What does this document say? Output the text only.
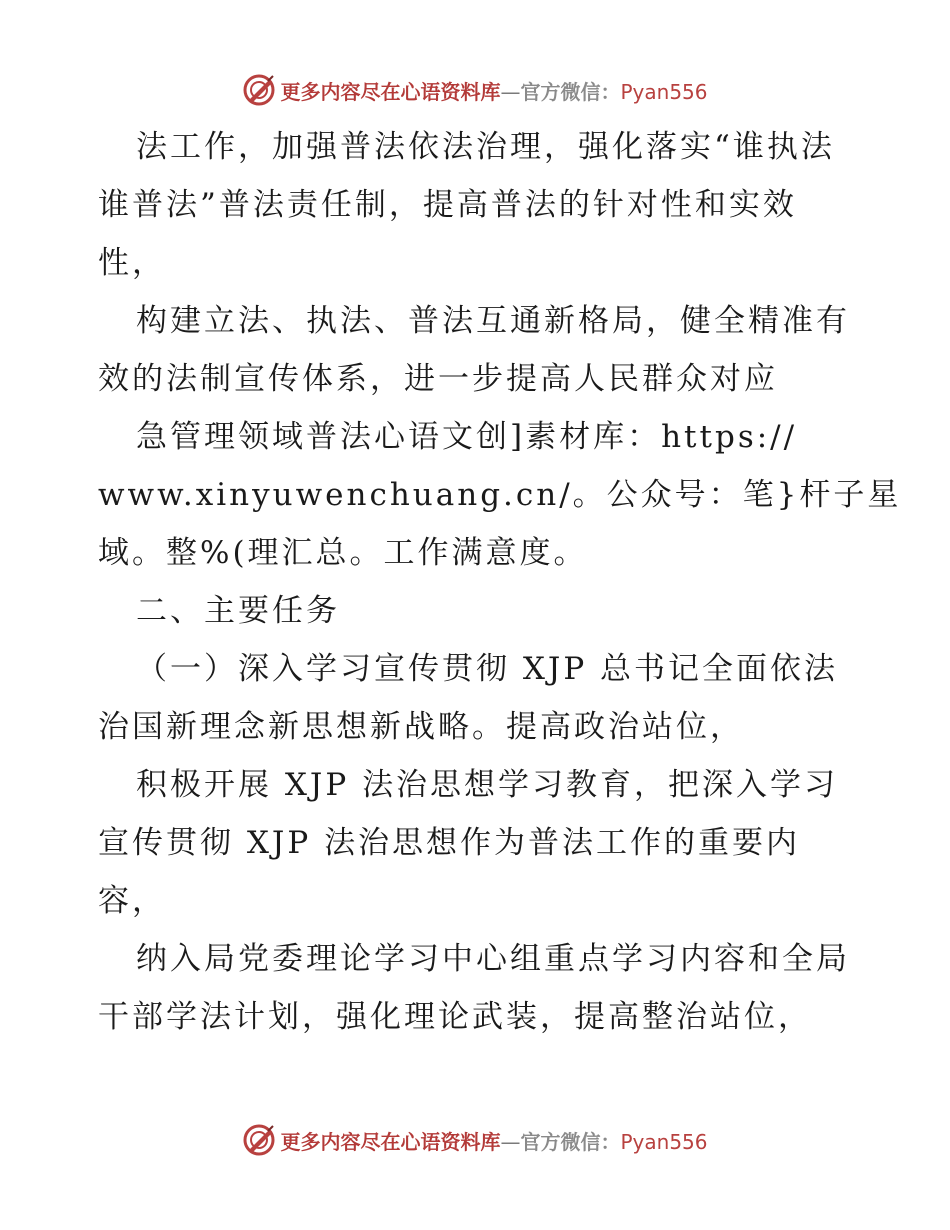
更多内容尽在心语资料库—官方微信：Pyan556
法工作，加强普法依法治理，强化落实“谁执法
谁普法”普法责任制，提高普法的针对性和实效
性，
构建立法、执法、普法互通新格局，健全精准有
效的法制宣传体系，进一步提高人民群众对应
急管理领域普法心语文创]素材库：https://
www.xinyuwenchuang.cn/。公众号：笔}杆子星
域。整%(理汇总。工作满意度。
二、主要任务
（一）深入学习宣传贯彻 XJP 总书记全面依法
治国新理念新思想新战略。提高政治站位，
积极开展 XJP 法治思想学习教育，把深入学习
宣传贯彻 XJP 法治思想作为普法工作的重要内
容，
纳入局党委理论学习中心组重点学习内容和全局
干部学法计划，强化理论武装，提高整治站位，
更多内容尽在心语资料库—官方微信：Pyan556
